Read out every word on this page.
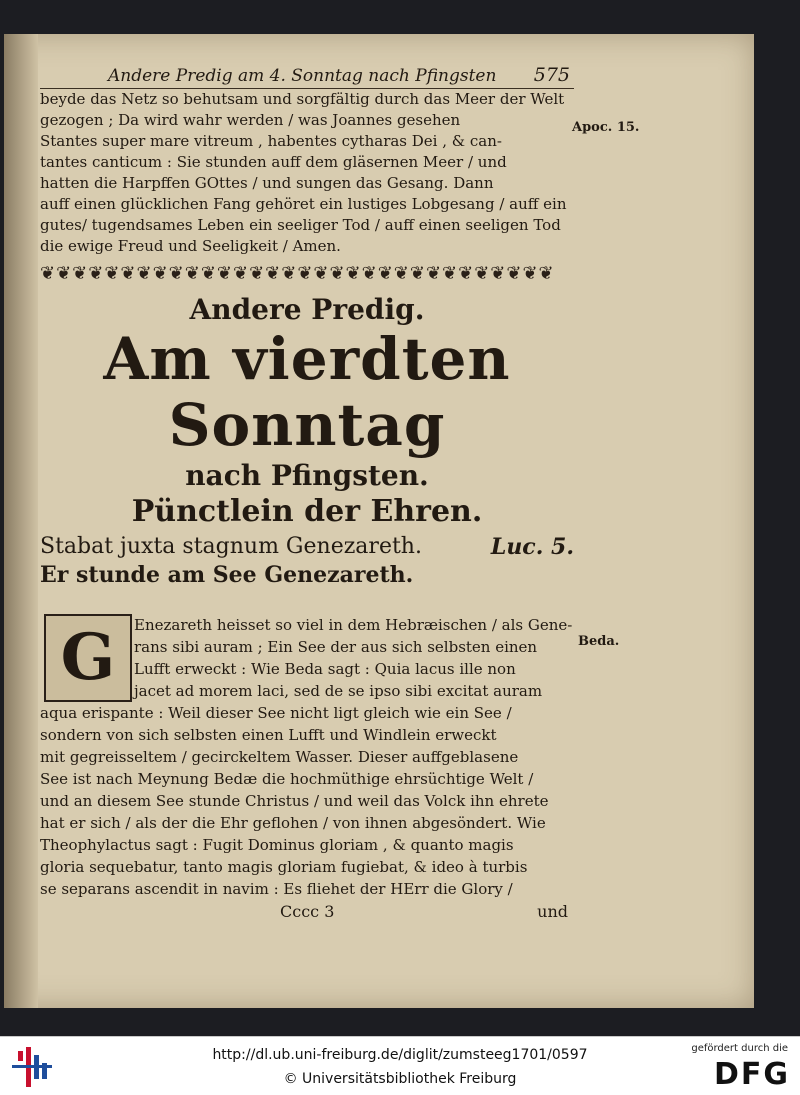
Andere Predig am 4. Sonntag nach Pfingsten 575
beyde das Netz so behutsam und sorgfältig durch das Meer der Welt
gezogen ; Da wird wahr werden / was Joannes gesehen
Stantes super mare vitreum , habentes cytharas Dei , & can-
tantes canticum : Sie stunden auff dem gläsernen Meer / und
hatten die Harpffen GOttes / und sungen das Gesang. Dann
auff einen glücklichen Fang gehöret ein lustiges Lobgesang / auff ein
gutes/ tugendsames Leben ein seeliger Tod / auff einen seeligen Tod
die ewige Freud und Seeligkeit / Amen.
❦❦❦❦❦❦❦❦❦❦❦❦❦❦❦❦❦❦❦❦❦❦❦❦❦❦❦❦❦❦❦❦
Andere Predig.
Am vierdten Sonntag
nach Pfingsten.
Pünctlein der Ehren.
Stabat juxta stagnum Genezareth.	Luc. 5.
Er stunde am See Genezareth.
G	Enezareth heisset so viel in dem Hebræischen / als Gene-
rans sibi auram ; Ein See der aus sich selbsten einen
Lufft erweckt : Wie Beda sagt : Quia lacus ille non
jacet ad morem laci, sed de se ipso sibi excitat auram
aqua erispante : Weil dieser See nicht ligt gleich wie ein See /
sondern von sich selbsten einen Lufft und Windlein erweckt
mit gegreisseltem / gecirckeltem Wasser. Dieser auffgeblasene
See ist nach Meynung Bedæ die hochmüthige ehrsüchtige Welt /
und an diesem See stunde Christus / und weil das Volck ihn ehrete
hat er sich / als der die Ehr geflohen / von ihnen abgesöndert. Wie
Theophylactus sagt : Fugit Dominus gloriam , & quanto magis
gloria sequebatur, tanto magis gloriam fugiebat, & ideo à turbis
se separans ascendit in navim : Es fliehet der HErr die Glory /
Cccc 3	und
Apoc. 15.
Beda.
http://dl.ub.uni-freiburg.de/diglit/zumsteeg1701/0597
© Universitätsbibliothek Freiburg
gefördert durch die
DFG
